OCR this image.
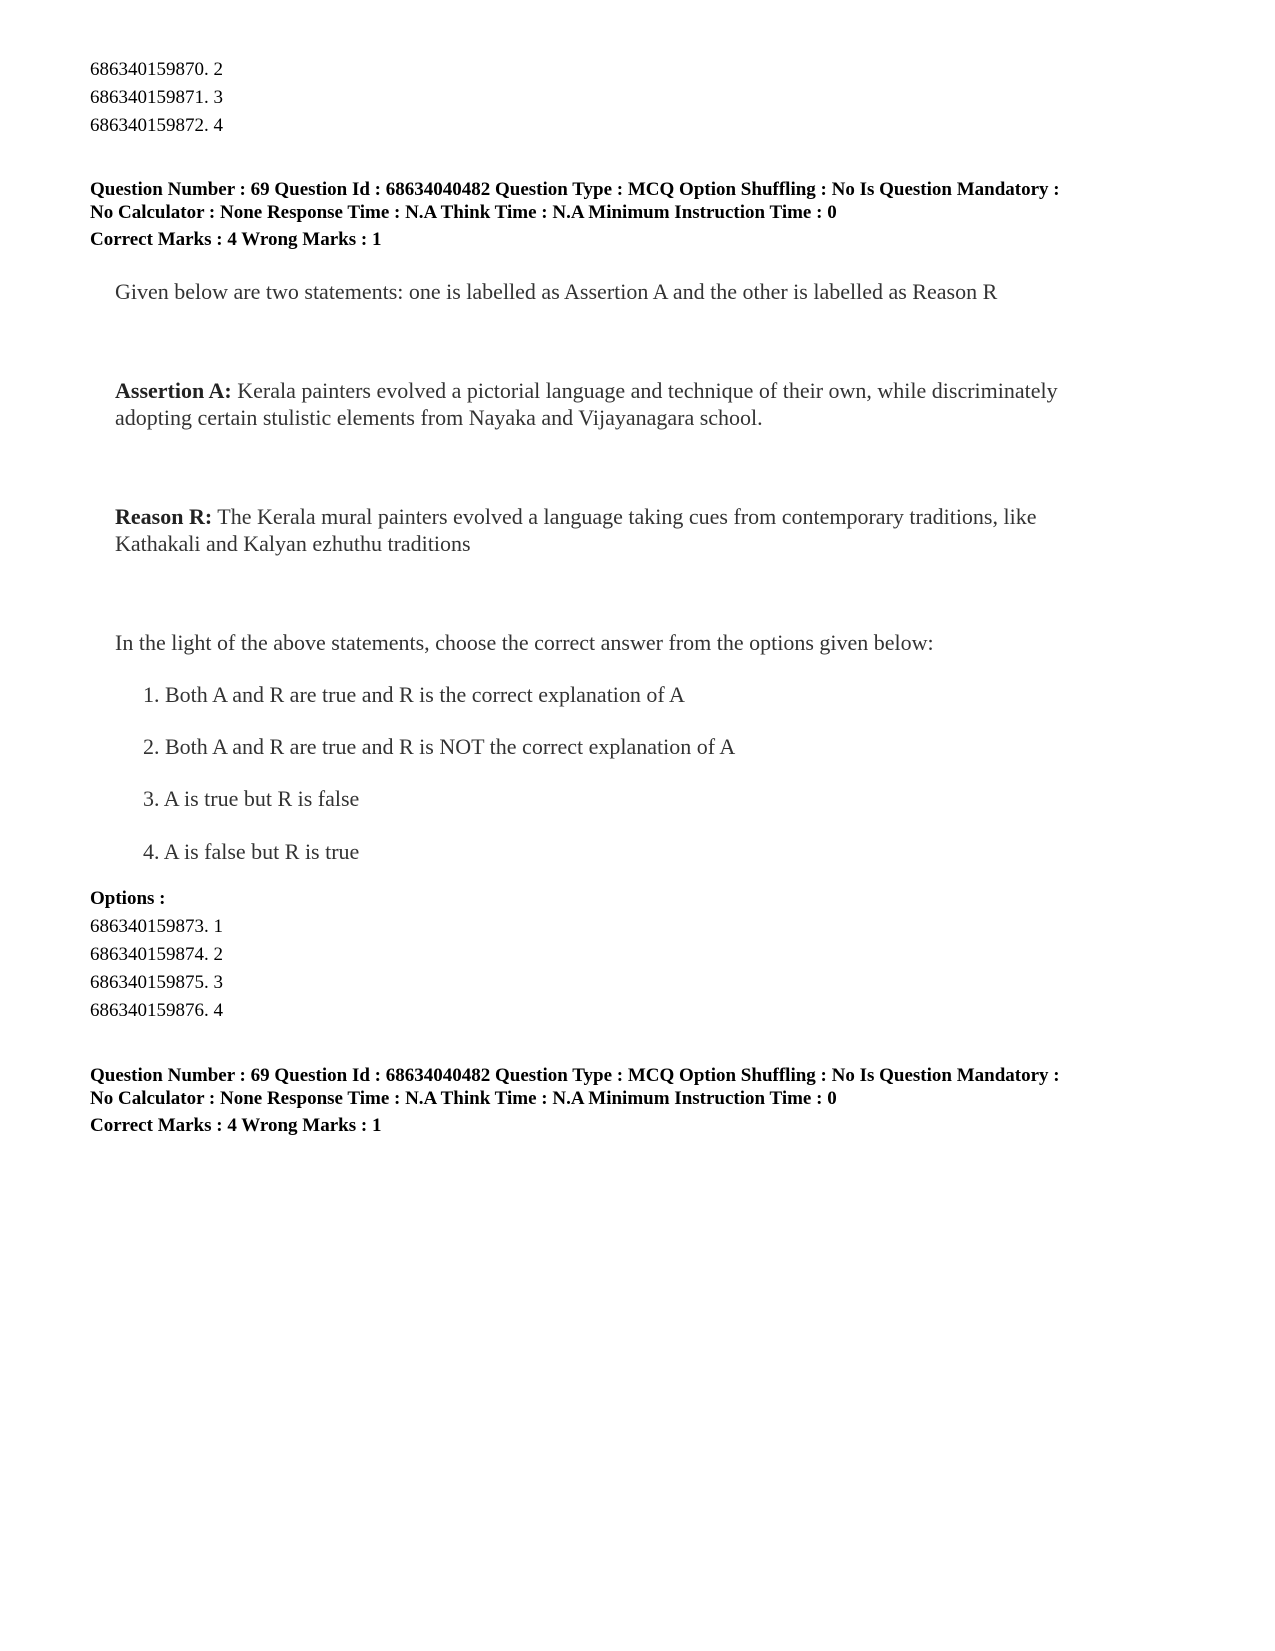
686340159870. 2
686340159871. 3
686340159872. 4
Question Number : 69 Question Id : 68634040482 Question Type : MCQ Option Shuffling : No Is Question Mandatory :
No Calculator : None Response Time : N.A Think Time : N.A Minimum Instruction Time : 0
Correct Marks : 4 Wrong Marks : 1
Given below are two statements: one is labelled as Assertion A and the other is labelled as Reason R
Assertion A: Kerala painters evolved a pictorial language and technique of their own, while discriminately adopting certain stulistic elements from Nayaka and Vijayanagara school.
Reason R: The Kerala mural painters evolved a language taking cues from contemporary traditions, like Kathakali and Kalyan ezhuthu traditions
In the light of the above statements, choose the correct answer from the options given below:
1. Both A and R are true and R is the correct explanation of A
2. Both A and R are true and R is NOT the correct explanation of A
3. A is true but R is false
4. A is false but R is true
Options :
686340159873. 1
686340159874. 2
686340159875. 3
686340159876. 4
Question Number : 69 Question Id : 68634040482 Question Type : MCQ Option Shuffling : No Is Question Mandatory :
No Calculator : None Response Time : N.A Think Time : N.A Minimum Instruction Time : 0
Correct Marks : 4 Wrong Marks : 1
